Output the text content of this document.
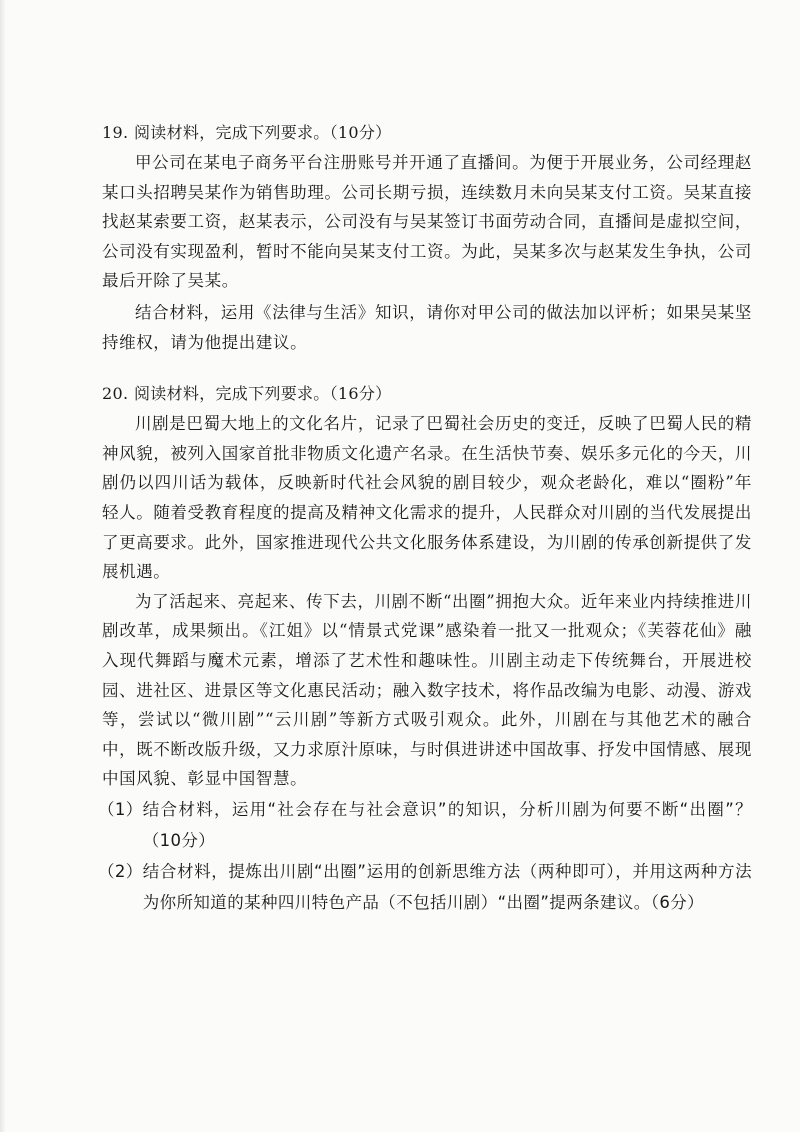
19. 阅读材料，完成下列要求。（10分）

甲公司在某电子商务平台注册账号并开通了直播间。为便于开展业务，公司经理赵某口头招聘吴某作为销售助理。公司长期亏损，连续数月未向吴某支付工资。吴某直接找赵某索要工资，赵某表示，公司没有与吴某签订书面劳动合同，直播间是虚拟空间，公司没有实现盈利，暂时不能向吴某支付工资。为此，吴某多次与赵某发生争执，公司最后开除了吴某。

结合材料，运用《法律与生活》知识，请你对甲公司的做法加以评析；如果吴某坚持维权，请为他提出建议。

20. 阅读材料，完成下列要求。（16分）

川剧是巴蜀大地上的文化名片，记录了巴蜀社会历史的变迁，反映了巴蜀人民的精神风貌，被列入国家首批非物质文化遗产名录。在生活快节奏、娱乐多元化的今天，川剧仍以四川话为载体，反映新时代社会风貌的剧目较少，观众老龄化，难以“圈粉”年轻人。随着受教育程度的提高及精神文化需求的提升，人民群众对川剧的当代发展提出了更高要求。此外，国家推进现代公共文化服务体系建设，为川剧的传承创新提供了发展机遇。

为了活起来、亮起来、传下去，川剧不断“出圈”拥抱大众。近年来业内持续推进川剧改革，成果频出。《江姐》以“情景式党课”感染着一批又一批观众；《芙蓉花仙》融入现代舞蹈与魔术元素，增添了艺术性和趣味性。川剧主动走下传统舞台，开展进校园、进社区、进景区等文化惠民活动；融入数字技术，将作品改编为电影、动漫、游戏等，尝试以“微川剧”“云川剧”等新方式吸引观众。此外，川剧在与其他艺术的融合中，既不断改版升级，又力求原汁原味，与时俱进讲述中国故事、抒发中国情感、展现中国风貌、彰显中国智慧。

（1） 结合材料，运用“社会存在与社会意识”的知识，分析川剧为何要不断“出圈”？（10分）
（2） 结合材料，提炼出川剧“出圈”运用的创新思维方法（两种即可），并用这两种方法为你所知道的某种四川特色产品（不包括川剧）“出圈”提两条建议。（6分）
